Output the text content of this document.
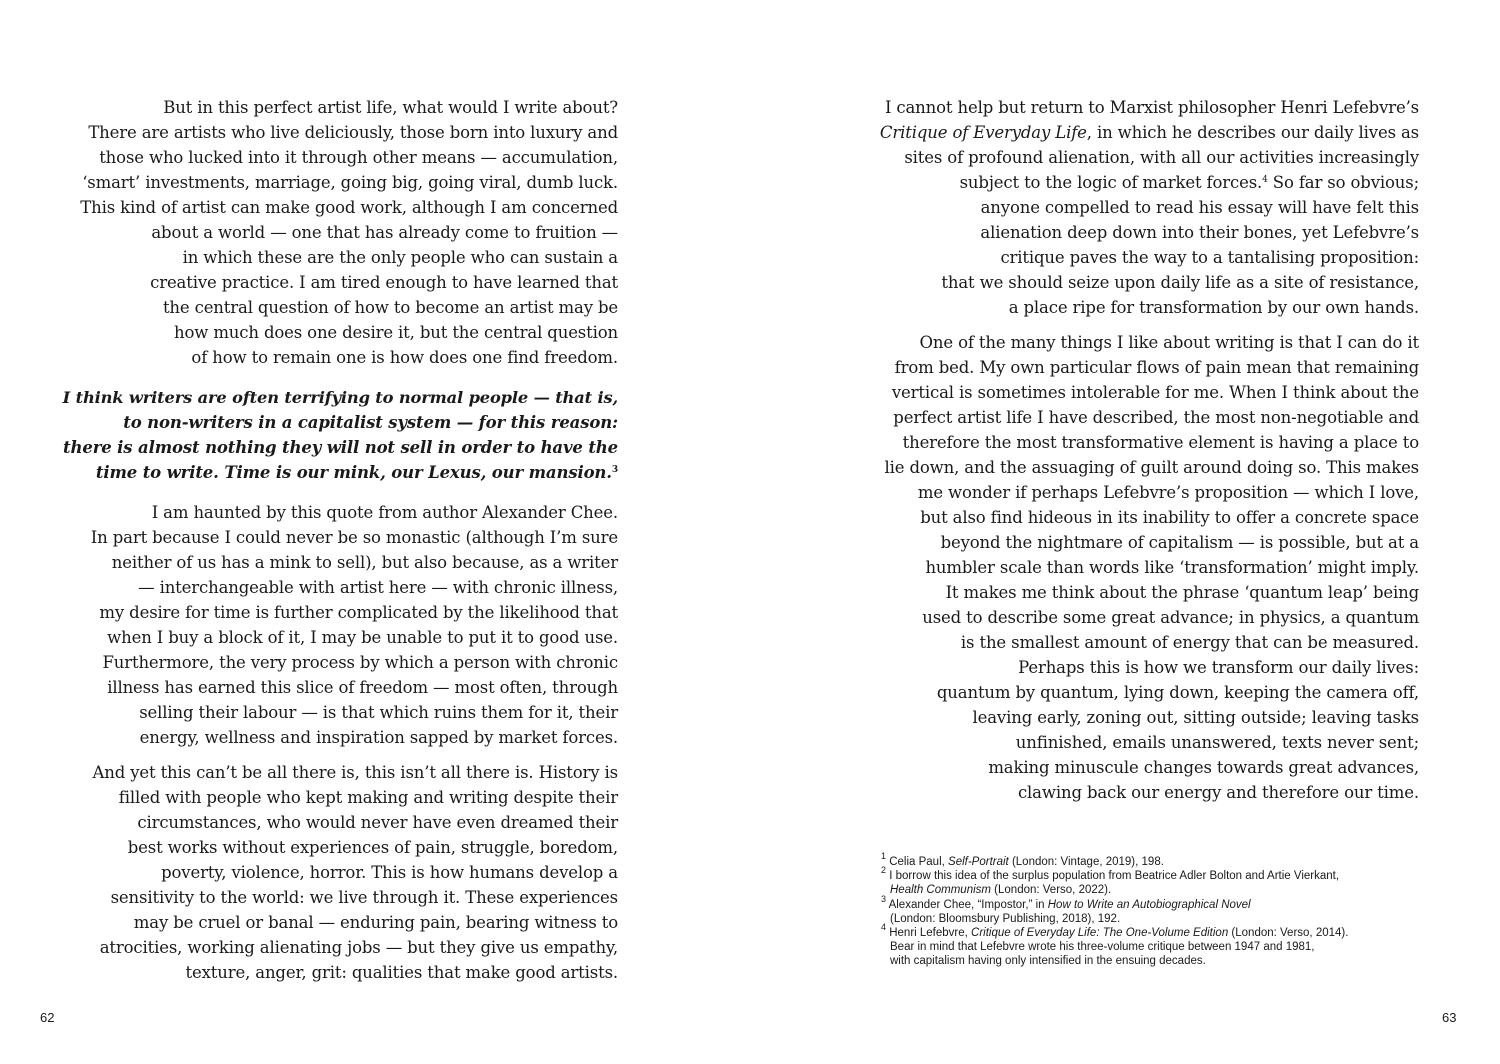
But in this perfect artist life, what would I write about?
There are artists who live deliciously, those born into luxury and
those who lucked into it through other means — accumulation,
‘smart’ investments, marriage, going big, going viral, dumb luck.
This kind of artist can make good work, although I am concerned
about a world — one that has already come to fruition —
in which these are the only people who can sustain a
creative practice. I am tired enough to have learned that
the central question of how to become an artist may be
how much does one desire it, but the central question
of how to remain one is how does one find freedom.

I think writers are often terrifying to normal people — that is,
to non-writers in a capitalist system — for this reason:
there is almost nothing they will not sell in order to have the
time to write. Time is our mink, our Lexus, our mansion.$^3$

I am haunted by this quote from author Alexander Chee.
In part because I could never be so monastic (although I’m sure
neither of us has a mink to sell), but also because, as a writer
— interchangeable with artist here — with chronic illness,
my desire for time is further complicated by the likelihood that
when I buy a block of it, I may be unable to put it to good use.
Furthermore, the very process by which a person with chronic
illness has earned this slice of freedom — most often, through
selling their labour — is that which ruins them for it, their
energy, wellness and inspiration sapped by market forces.

And yet this can’t be all there is, this isn’t all there is. History is
filled with people who kept making and writing despite their
circumstances, who would never have even dreamed their
best works without experiences of pain, struggle, boredom,
poverty, violence, horror. This is how humans develop a
sensitivity to the world: we live through it. These experiences
may be cruel or banal — enduring pain, bearing witness to
atrocities, working alienating jobs — but they give us empathy,
texture, anger, grit: qualities that make good artists.

62

I cannot help but return to Marxist philosopher Henri Lefebvre’s
Critique of Everyday Life, in which he describes our daily lives as
sites of profound alienation, with all our activities increasingly
subject to the logic of market forces.$^4$ So far so obvious;
anyone compelled to read his essay will have felt this
alienation deep down into their bones, yet Lefebvre’s
critique paves the way to a tantalising proposition:
that we should seize upon daily life as a site of resistance,
a place ripe for transformation by our own hands.

One of the many things I like about writing is that I can do it
from bed. My own particular flows of pain mean that remaining
vertical is sometimes intolerable for me. When I think about the
perfect artist life I have described, the most non-negotiable and
therefore the most transformative element is having a place to
lie down, and the assuaging of guilt around doing so. This makes
me wonder if perhaps Lefebvre’s proposition — which I love,
but also find hideous in its inability to offer a concrete space
beyond the nightmare of capitalism — is possible, but at a
humbler scale than words like ‘transformation’ might imply.
It makes me think about the phrase ‘quantum leap’ being
used to describe some great advance; in physics, a quantum
is the smallest amount of energy that can be measured.
Perhaps this is how we transform our daily lives:
quantum by quantum, lying down, keeping the camera off,
leaving early, zoning out, sitting outside; leaving tasks
unfinished, emails unanswered, texts never sent;
making minuscule changes towards great advances,
clawing back our energy and therefore our time.

$^1$ Celia Paul, Self-Portrait (London: Vintage, 2019), 198.
$^2$ I borrow this idea of the surplus population from Beatrice Adler Bolton and Artie Vierkant,
Health Communism (London: Verso, 2022).
$^3$ Alexander Chee, “Impostor,” in How to Write an Autobiographical Novel
(London: Bloomsbury Publishing, 2018), 192.
$^4$ Henri Lefebvre, Critique of Everyday Life: The One-Volume Edition (London: Verso, 2014).
Bear in mind that Lefebvre wrote his three-volume critique between 1947 and 1981,
with capitalism having only intensified in the ensuing decades.
63
